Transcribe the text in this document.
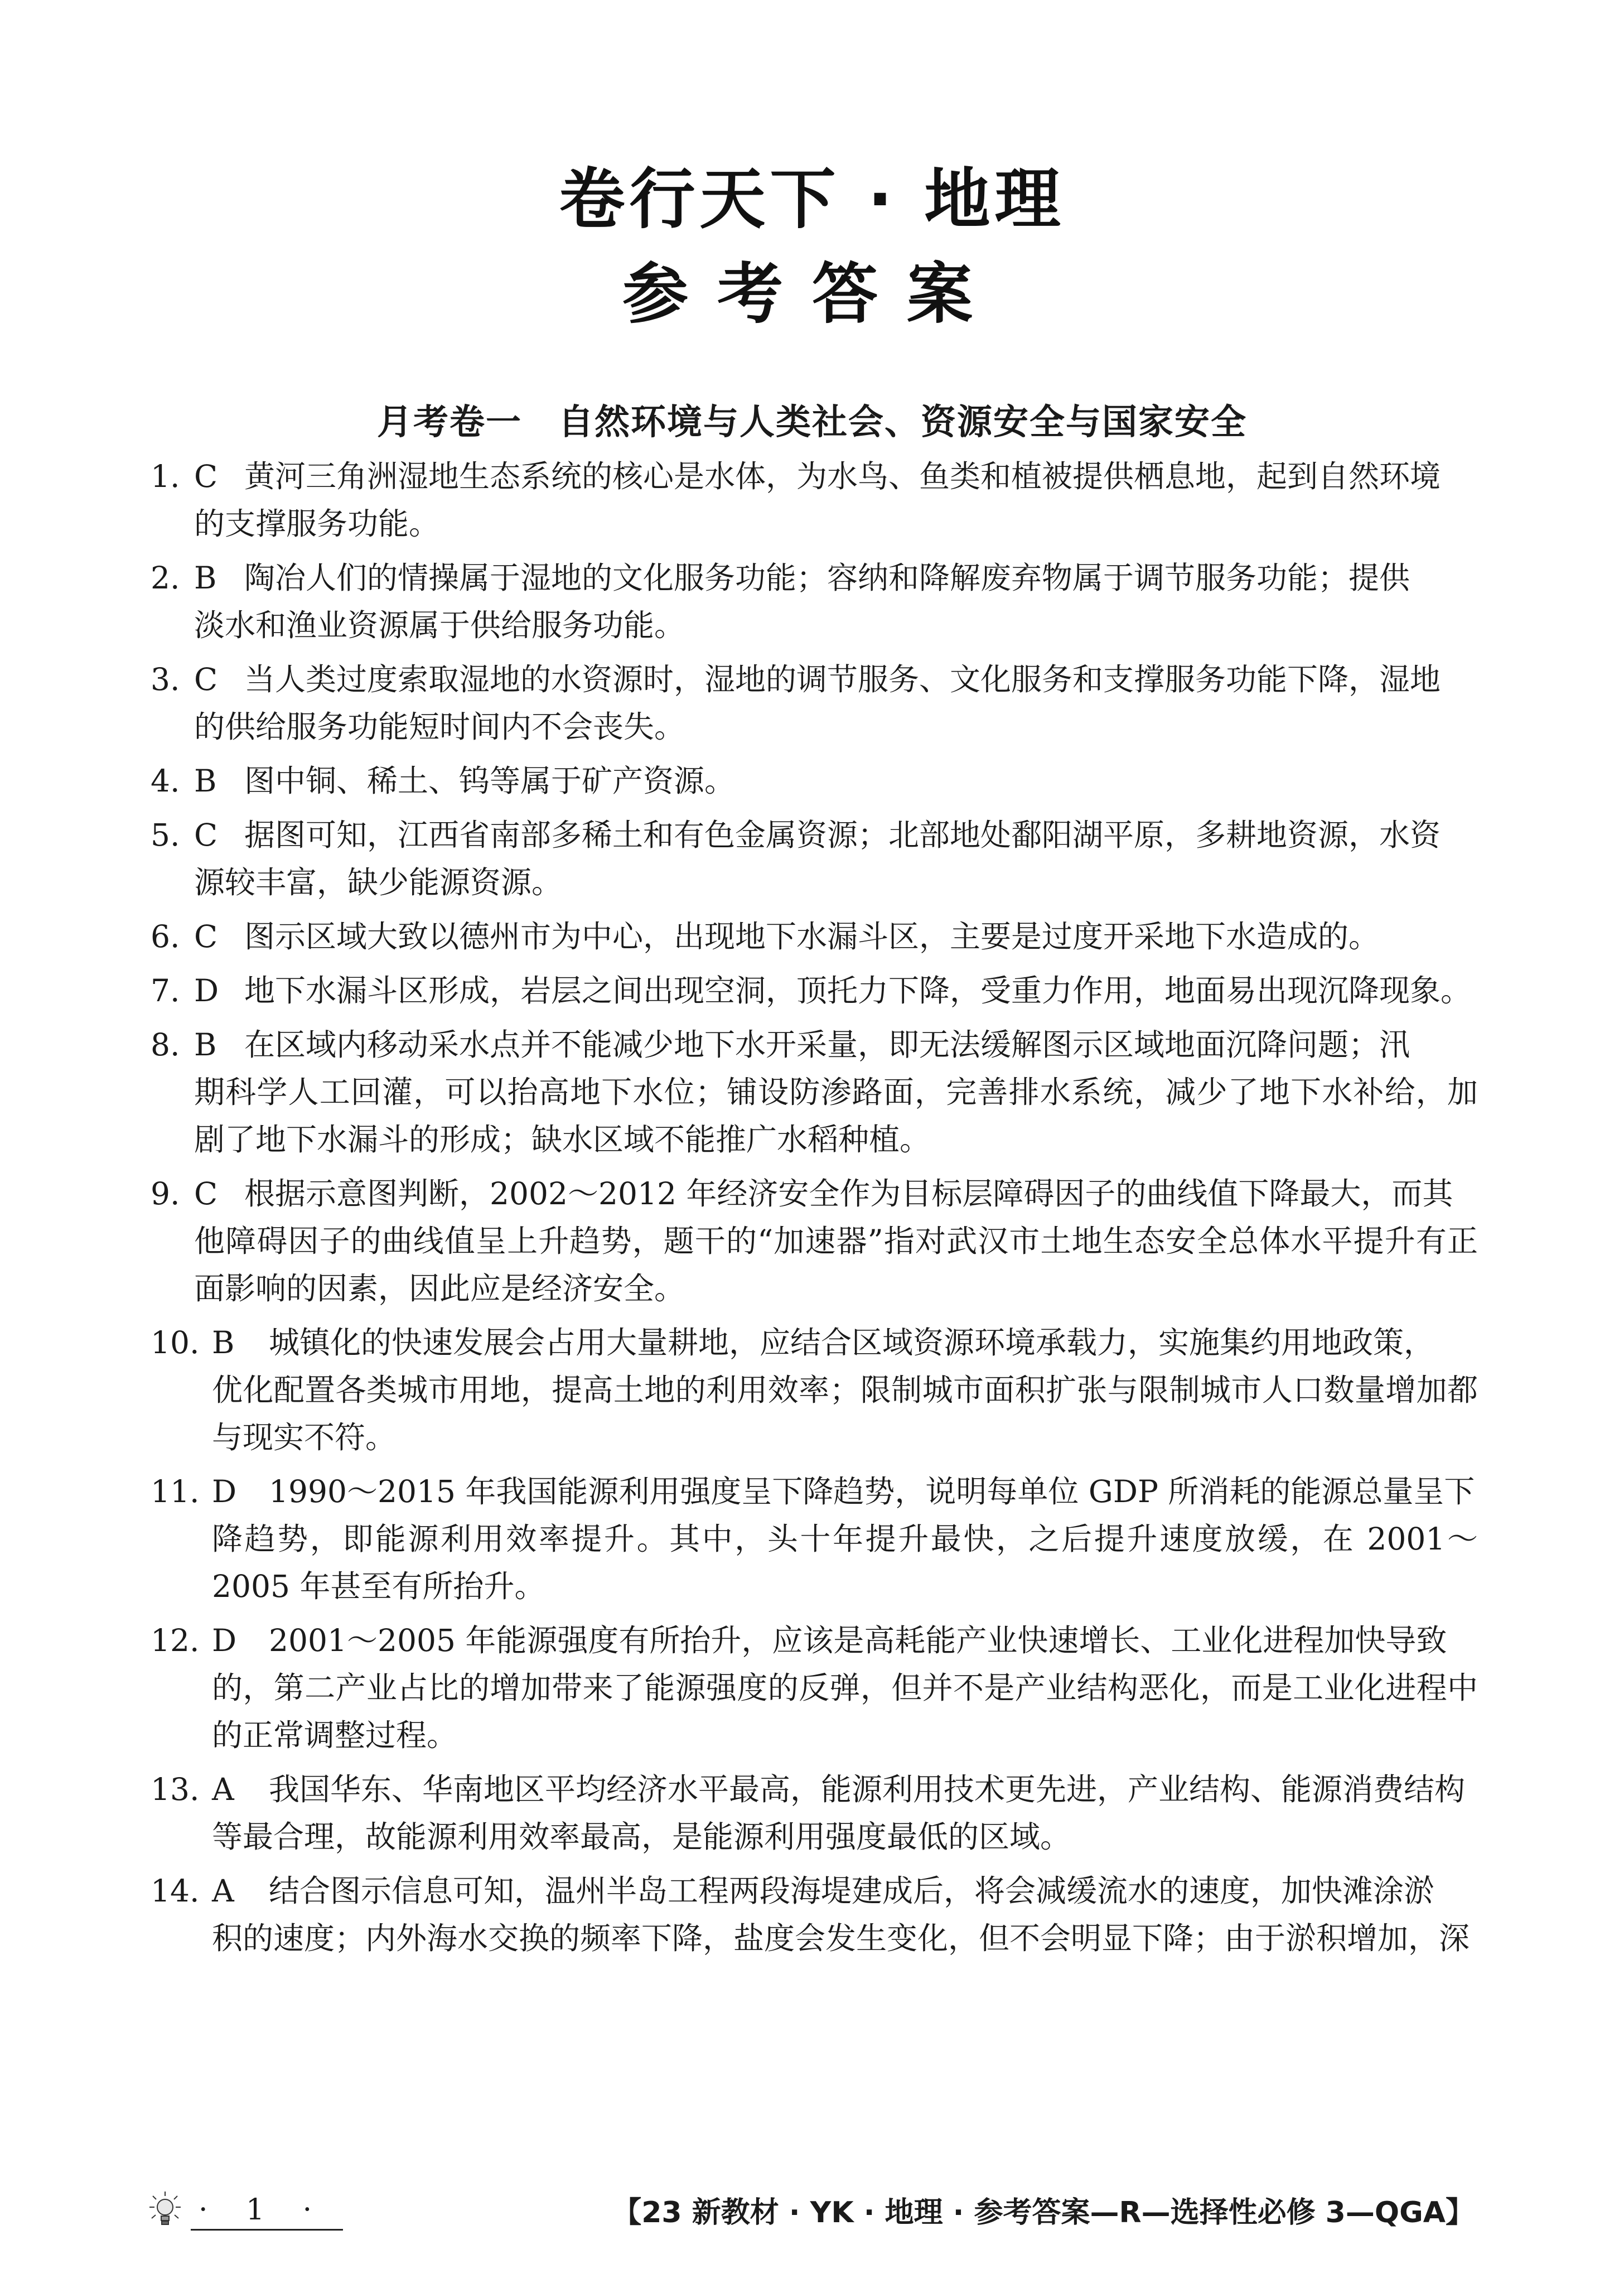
卷行天下 · 地理
参考答案
月考卷一　自然环境与人类社会、资源安全与国家安全
1. C 黄河三角洲湿地生态系统的核心是水体，为水鸟、鱼类和植被提供栖息地，起到自然环境
的支撑服务功能。
2. B 陶冶人们的情操属于湿地的文化服务功能；容纳和降解废弃物属于调节服务功能；提供
淡水和渔业资源属于供给服务功能。
3. C 当人类过度索取湿地的水资源时，湿地的调节服务、文化服务和支撑服务功能下降，湿地
的供给服务功能短时间内不会丧失。
4. B 图中铜、稀土、钨等属于矿产资源。
5. C 据图可知，江西省南部多稀土和有色金属资源；北部地处鄱阳湖平原，多耕地资源，水资
源较丰富，缺少能源资源。
6. C 图示区域大致以德州市为中心，出现地下水漏斗区，主要是过度开采地下水造成的。
7. D 地下水漏斗区形成，岩层之间出现空洞，顶托力下降，受重力作用，地面易出现沉降现象。
8. B 在区域内移动采水点并不能减少地下水开采量，即无法缓解图示区域地面沉降问题；汛
期科学人工回灌，可以抬高地下水位；铺设防渗路面，完善排水系统，减少了地下水补给，加剧了地下水漏斗的形成；缺水区域不能推广水稻种植。
9. C 根据示意图判断，2002～2012 年经济安全作为目标层障碍因子的曲线值下降最大，而其
他障碍因子的曲线值呈上升趋势，题干的“加速器”指对武汉市土地生态安全总体水平提升有正面影响的因素，因此应是经济安全。
10. B	城镇化的快速发展会占用大量耕地，应结合区域资源环境承载力，实施集约用地政策，
优化配置各类城市用地，提高土地的利用效率；限制城市面积扩张与限制城市人口数量增加都与现实不符。
11. D	1990～2015 年我国能源利用强度呈下降趋势，说明每单位 GDP 所消耗的能源总量呈下
降趋势，即能源利用效率提升。其中，头十年提升最快，之后提升速度放缓，在 2001～2005 年甚至有所抬升。
12. D	2001～2005 年能源强度有所抬升，应该是高耗能产业快速增长、工业化进程加快导致
的，第二产业占比的增加带来了能源强度的反弹，但并不是产业结构恶化，而是工业化进程中的正常调整过程。
13. A	我国华东、华南地区平均经济水平最高，能源利用技术更先进，产业结构、能源消费结构
等最合理，故能源利用效率最高，是能源利用强度最低的区域。
14. A	结合图示信息可知，温州半岛工程两段海堤建成后，将会减缓流水的速度，加快滩涂淤
积的速度；内外海水交换的频率下降，盐度会发生变化，但不会明显下降；由于淤积增加，深
· 1 ·	【23 新教材 · YK · 地理 · 参考答案—R—选择性必修 3—QGA】
